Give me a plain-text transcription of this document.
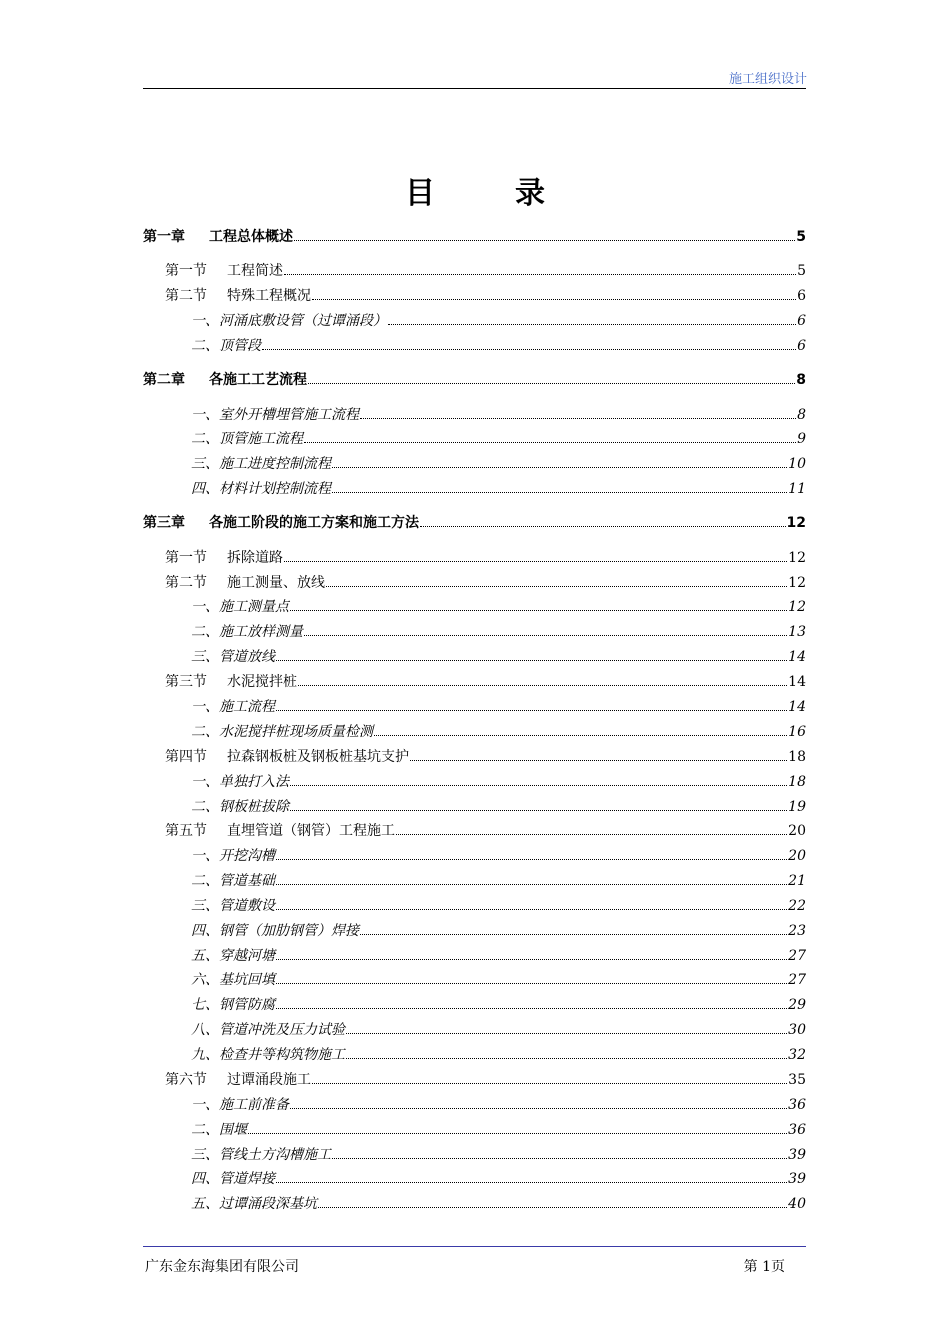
施工组织设计
目	录
第一章	工程总体概述	5
第一节	工程简述	5
第二节	特殊工程概况	6
一、 河涌底敷设管（过谭涌段）	6
二、 顶管段	6
第二章	各施工工艺流程	8
一、 室外开槽埋管施工流程	8
二、 顶管施工流程	9
三、 施工进度控制流程	10
四、 材料计划控制流程	11
第三章	各施工阶段的施工方案和施工方法	12
第一节	拆除道路	12
第二节	施工测量、放线	12
一、 施工测量点	12
二、 施工放样测量	13
三、 管道放线	14
第三节	水泥搅拌桩	14
一、 施工流程	14
二、 水泥搅拌桩现场质量检测	16
第四节	拉森钢板桩及钢板桩基坑支护	18
一、 单独打入法	18
二、 钢板桩拔除	19
第五节	直埋管道（钢管）工程施工	20
一、 开挖沟槽	20
二、 管道基础	21
三、 管道敷设	22
四、 钢管（加肋钢管）焊接	23
五、 穿越河塘	27
六、 基坑回填	27
七、 钢管防腐	29
八、 管道冲洗及压力试验	30
九、 检查井等构筑物施工	32
第六节	过谭涌段施工	35
一、 施工前准备	36
二、 围堰	36
三、 管线土方沟槽施工	39
四、 管道焊接	39
五、 过谭涌段深基坑	40
广东金东海集团有限公司	第 1页
